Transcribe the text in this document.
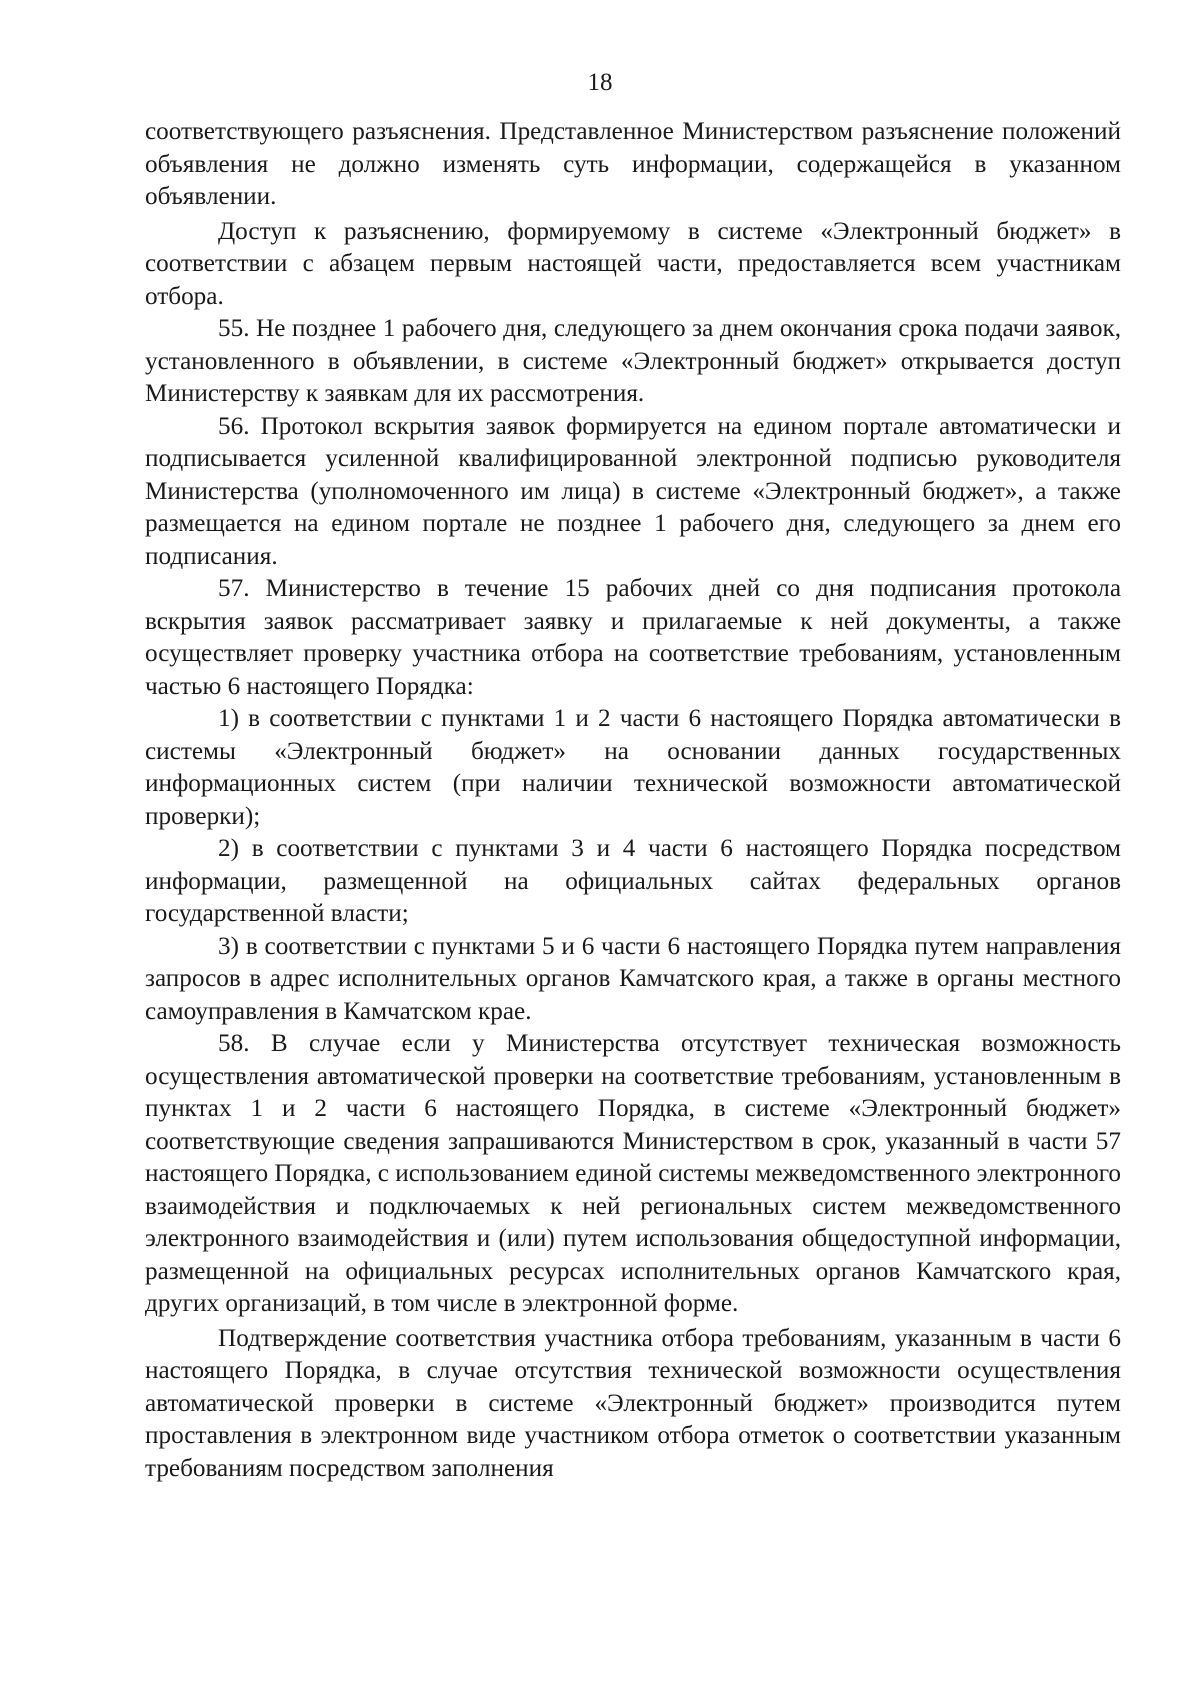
18

соответствующего разъяснения. Представленное Министерством разъяснение положений объявления не должно изменять суть информации, содержащейся в указанном объявлении.

Доступ к разъяснению, формируемому в системе «Электронный бюджет» в соответствии с абзацем первым настоящей части, предоставляется всем участникам отбора.

55. Не позднее 1 рабочего дня, следующего за днем окончания срока подачи заявок, установленного в объявлении, в системе «Электронный бюджет» открывается доступ Министерству к заявкам для их рассмотрения.

56. Протокол вскрытия заявок формируется на едином портале автоматически и подписывается усиленной квалифицированной электронной подписью руководителя Министерства (уполномоченного им лица) в системе «Электронный бюджет», а также размещается на едином портале не позднее 1 рабочего дня, следующего за днем его подписания.

57. Министерство в течение 15 рабочих дней со дня подписания протокола вскрытия заявок рассматривает заявку и прилагаемые к ней документы, а также осуществляет проверку участника отбора на соответствие требованиям, установленным частью 6 настоящего Порядка:

1) в соответствии с пунктами 1 и 2 части 6 настоящего Порядка автоматически в системы «Электронный бюджет» на основании данных государственных информационных систем (при наличии технической возможности автоматической проверки);

2) в соответствии с пунктами 3 и 4 части 6 настоящего Порядка посредством информации, размещенной на официальных сайтах федеральных органов государственной власти;

3) в соответствии с пунктами 5 и 6 части 6 настоящего Порядка путем направления запросов в адрес исполнительных органов Камчатского края, а также в органы местного самоуправления в Камчатском крае.

58. В случае если у Министерства отсутствует техническая возможность осуществления автоматической проверки на соответствие требованиям, установленным в пунктах 1 и 2 части 6 настоящего Порядка, в системе «Электронный бюджет» соответствующие сведения запрашиваются Министерством в срок, указанный в части 57 настоящего Порядка, с использованием единой системы межведомственного электронного взаимодействия и подключаемых к ней региональных систем межведомственного электронного взаимодействия и (или) путем использования общедоступной информации, размещенной на официальных ресурсах исполнительных органов Камчатского края, других организаций, в том числе в электронной форме.

Подтверждение соответствия участника отбора требованиям, указанным в части 6 настоящего Порядка, в случае отсутствия технической возможности осуществления автоматической проверки в системе «Электронный бюджет» производится путем проставления в электронном виде участником отбора отметок о соответствии указанным требованиям посредством заполнения
